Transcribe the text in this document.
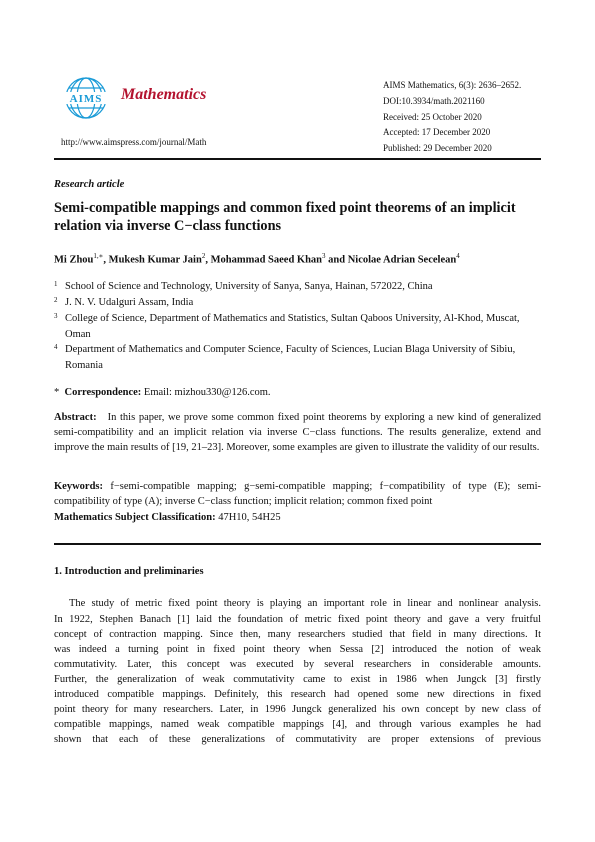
AIMS Mathematics
http://www.aimspress.com/journal/Math
AIMS Mathematics, 6(3): 2636–2652.
DOI:10.3934/math.2021160
Received: 25 October 2020
Accepted: 17 December 2020
Published: 29 December 2020
Research article
Semi-compatible mappings and common fixed point theorems of an implicit relation via inverse C−class functions
Mi Zhou$^{1,∗}$, Mukesh Kumar Jain$^2$, Mohammad Saeed Khan$^3$ and Nicolae Adrian Secelean$^4$
1 School of Science and Technology, University of Sanya, Sanya, Hainan, 572022, China
2 J. N. V. Udalguri Assam, India
3 College of Science, Department of Mathematics and Statistics, Sultan Qaboos University, Al-Khod, Muscat, Oman
4 Department of Mathematics and Computer Science, Faculty of Sciences, Lucian Blaga University of Sibiu, Romania
* Correspondence: Email: mizhou330@126.com.
Abstract: In this paper, we prove some common fixed point theorems by exploring a new kind of generalized semi-compatibility and an implicit relation via inverse C−class functions. The results generalize, extend and improve the main results of [19, 21–23]. Moreover, some examples are given to illustrate the validity of our results.
Keywords: f−semi-compatible mapping; g−semi-compatible mapping; f−compatibility of type (E); semi-compatibility of type (A); inverse C−class function; implicit relation; common fixed point
Mathematics Subject Classification: 47H10, 54H25
1. Introduction and preliminaries
The study of metric fixed point theory is playing an important role in linear and nonlinear analysis.
In 1922, Stephen Banach [1] laid the foundation of metric fixed point theory and gave a very fruitful
concept of contraction mapping. Since then, many researchers studied that field in many directions. It
was indeed a turning point in fixed point theory when Sessa [2] introduced the notion of weak
commutativity. Later, this concept was executed by several researchers in considerable amounts.
Further, the generalization of weak commutativity came to exist in 1986 when Jungck [3] firstly
introduced compatible mappings. Definitely, this research had opened some new directions in fixed
point theory for many researchers. Later, in 1996 Jungck generalized his own concept by new class of
compatible mappings, named weak compatible mappings [4], and through various examples he had
shown that each of these generalizations of commutativity are proper extensions of previous
